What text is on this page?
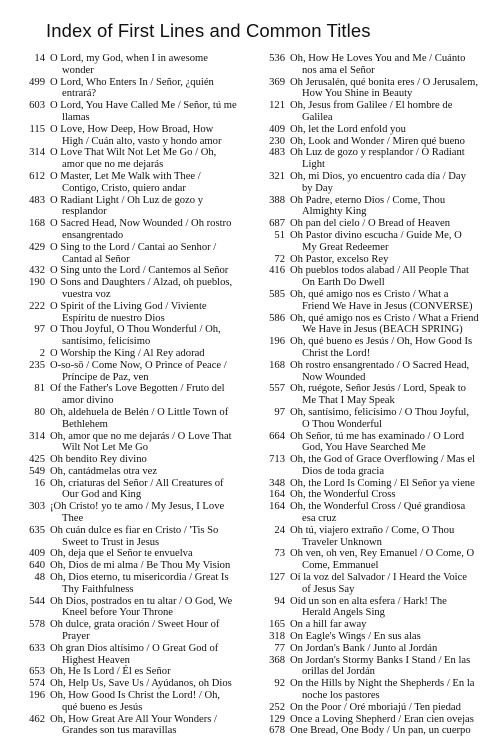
Index of First Lines and Common Titles
14 O Lord, my God, when I in awesome
wonder
499 O Lord, Who Enters In / Señor, ¿quién
entrará?
603 O Lord, You Have Called Me / Señor, tú me
llamas
115 O Love, How Deep, How Broad, How
High / Cuán alto, vasto y hondo amor
314 O Love That Wilt Not Let Me Go / Oh,
amor que no me dejarás
612 O Master, Let Me Walk with Thee /
Contigo, Cristo, quiero andar
483 O Radiant Light / Oh Luz de gozo y
resplandor
168 O Sacred Head, Now Wounded / Oh rostro
ensangrentado
429 O Sing to the Lord / Cantai ao Senhor /
Cantad al Señor
432 O Sing unto the Lord / Cantemos al Señor
190 O Sons and Daughters / Alzad, oh pueblos,
vuestra voz
222 O Spirit of the Living God / Viviente
Espíritu de nuestro Dios
97 O Thou Joyful, O Thou Wonderful / Oh,
santísimo, felicísimo
2 O Worship the King / Al Rey adorad
235 O-so-sō / Come Now, O Prince of Peace /
Príncipe de Paz, ven
81 Of the Father's Love Begotten / Fruto del
amor divino
80 Oh, aldehuela de Belén / O Little Town of
Bethlehem
314 Oh, amor que no me dejarás / O Love That
Wilt Not Let Me Go
425 Oh bendito Rey divino
549 Oh, cantádmelas otra vez
16 Oh, criaturas del Señor / All Creatures of
Our God and King
303 ¡Oh Cristo! yo te amo / My Jesus, I Love
Thee
635 Oh cuán dulce es fiar en Cristo / 'Tis So
Sweet to Trust in Jesus
409 Oh, deja que el Señor te envuelva
640 Oh, Dios de mi alma / Be Thou My Vision
48 Oh, Dios eterno, tu misericordia / Great Is
Thy Faithfulness
544 Oh Dios, postrados en tu altar / O God, We
Kneel before Your Throne
578 Oh dulce, grata oración / Sweet Hour of
Prayer
633 Oh gran Dios altísimo / O Great God of
Highest Heaven
653 Oh, He Is Lord / Él es Señor
574 Oh, Help Us, Save Us / Ayúdanos, oh Dios
196 Oh, How Good Is Christ the Lord! / Oh,
qué bueno es Jesús
462 Oh, How Great Are All Your Wonders /
Grandes son tus maravillas
536 Oh, How He Loves You and Me / Cuánto
nos ama el Señor
369 Oh Jerusalén, qué bonita eres / O Jerusalem,
How You Shine in Beauty
121 Oh, Jesus from Galilee / El hombre de
Galilea
409 Oh, let the Lord enfold you
230 Oh, Look and Wonder / Miren qué bueno
483 Oh Luz de gozo y resplandor / O Radiant
Light
321 Oh, mi Dios, yo encuentro cada día / Day
by Day
388 Oh Padre, eterno Dios / Come, Thou
Almighty King
687 Oh pan del cielo / O Bread of Heaven
51 Oh Pastor divino escucha / Guide Me, O
My Great Redeemer
72 Oh Pastor, excelso Rey
416 Oh pueblos todos alabad / All People That
On Earth Do Dwell
585 Oh, qué amigo nos es Cristo / What a
Friend We Have in Jesus (CONVERSE)
586 Oh, qué amigo nos es Cristo / What a Friend
We Have in Jesus (BEACH SPRING)
196 Oh, qué bueno es Jesús / Oh, How Good Is
Christ the Lord!
168 Oh rostro ensangrentado / O Sacred Head,
Now Wounded
557 Oh, ruégote, Señor Jesús / Lord, Speak to
Me That I May Speak
97 Oh, santísimo, felicísimo / O Thou Joyful,
O Thou Wonderful
664 Oh Señor, tú me has examinado / O Lord
God, You Have Searched Me
713 Oh, the God of Grace Overflowing / Mas el
Dios de toda gracia
348 Oh, the Lord Is Coming / El Señor ya viene
164 Oh, the Wonderful Cross
164 Oh, the Wonderful Cross / Qué grandiosa
esa cruz
24 Oh tú, viajero extraño / Come, O Thou
Traveler Unknown
73 Oh ven, oh ven, Rey Emanuel / O Come, O
Come, Emmanuel
127 Oí la voz del Salvador / I Heard the Voice
of Jesus Say
94 Oíd un son en alta esfera / Hark! The
Herald Angels Sing
165 On a hill far away
318 On Eagle's Wings / En sus alas
77 On Jordan's Bank / Junto al Jordán
368 On Jordan's Stormy Banks I Stand / En las
orillas del Jordán
92 On the Hills by Night the Shepherds / En la
noche los pastores
252 On the Poor / Oré mboriajú / Ten piedad
129 Once a Loving Shepherd / Eran cien ovejas
678 One Bread, One Body / Un pan, un cuerpo
